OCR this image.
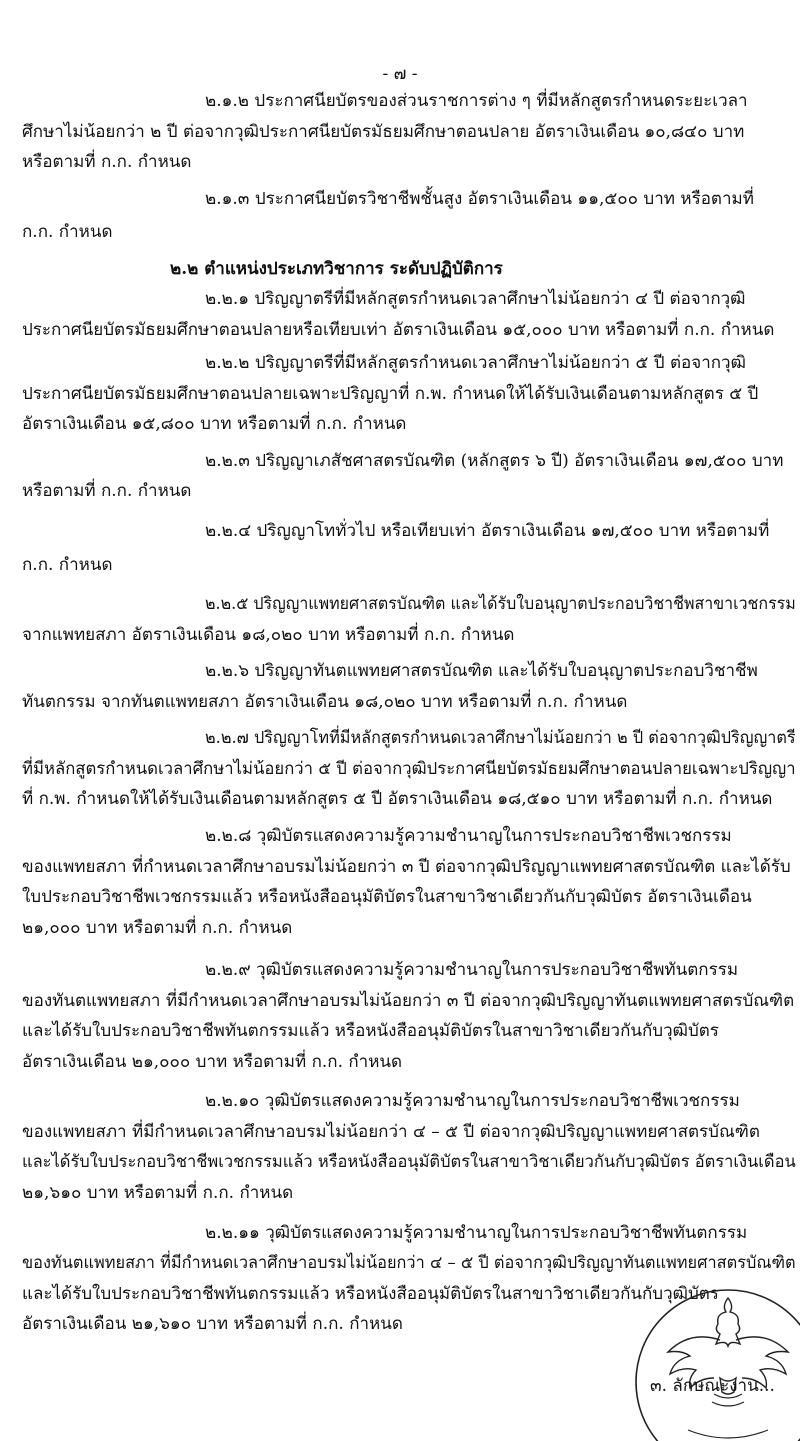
- ๗ -
๒.๑.๒ ประกาศนียบัตรของส่วนราชการต่าง ๆ ที่มีหลักสูตรกำหนดระยะเวลา
ศึกษาไม่น้อยกว่า ๒ ปี ต่อจากวุฒิประกาศนียบัตรมัธยมศึกษาตอนปลาย อัตราเงินเดือน ๑๐,๘๔๐ บาท
หรือตามที่ ก.ก. กำหนด
๒.๑.๓ ประกาศนียบัตรวิชาชีพชั้นสูง อัตราเงินเดือน ๑๑,๕๐๐ บาท หรือตามที่
ก.ก. กำหนด
๒.๒ ตำแหน่งประเภทวิชาการ ระดับปฏิบัติการ
๒.๒.๑ ปริญญาตรีที่มีหลักสูตรกำหนดเวลาศึกษาไม่น้อยกว่า ๔ ปี ต่อจากวุฒิ
ประกาศนียบัตรมัธยมศึกษาตอนปลายหรือเทียบเท่า อัตราเงินเดือน ๑๕,๐๐๐ บาท หรือตามที่ ก.ก. กำหนด
๒.๒.๒ ปริญญาตรีที่มีหลักสูตรกำหนดเวลาศึกษาไม่น้อยกว่า ๕ ปี ต่อจากวุฒิ
ประกาศนียบัตรมัธยมศึกษาตอนปลายเฉพาะปริญญาที่ ก.พ. กำหนดให้ได้รับเงินเดือนตามหลักสูตร ๕ ปี
อัตราเงินเดือน ๑๕,๘๐๐ บาท หรือตามที่ ก.ก. กำหนด
๒.๒.๓ ปริญญาเภสัชศาสตรบัณฑิต (หลักสูตร ๖ ปี) อัตราเงินเดือน ๑๗,๕๐๐ บาท
หรือตามที่ ก.ก. กำหนด
๒.๒.๔ ปริญญาโททั่วไป หรือเทียบเท่า อัตราเงินเดือน ๑๗,๕๐๐ บาท หรือตามที่
ก.ก. กำหนด
๒.๒.๕ ปริญญาแพทยศาสตรบัณฑิต และได้รับใบอนุญาตประกอบวิชาชีพสาขาเวชกรรม
จากแพทยสภา อัตราเงินเดือน ๑๘,๐๒๐ บาท หรือตามที่ ก.ก. กำหนด
๒.๒.๖ ปริญญาทันตแพทยศาสตรบัณฑิต และได้รับใบอนุญาตประกอบวิชาชีพ
ทันตกรรม จากทันตแพทยสภา อัตราเงินเดือน ๑๘,๐๒๐ บาท หรือตามที่ ก.ก. กำหนด
๒.๒.๗ ปริญญาโทที่มีหลักสูตรกำหนดเวลาศึกษาไม่น้อยกว่า ๒ ปี ต่อจากวุฒิปริญญาตรี
ที่มีหลักสูตรกำหนดเวลาศึกษาไม่น้อยกว่า ๕ ปี ต่อจากวุฒิประกาศนียบัตรมัธยมศึกษาตอนปลายเฉพาะปริญญา
ที่ ก.พ. กำหนดให้ได้รับเงินเดือนตามหลักสูตร ๕ ปี อัตราเงินเดือน ๑๘,๕๑๐ บาท หรือตามที่ ก.ก. กำหนด
๒.๒.๘ วุฒิบัตรแสดงความรู้ความชำนาญในการประกอบวิชาชีพเวชกรรม
ของแพทยสภา ที่กำหนดเวลาศึกษาอบรมไม่น้อยกว่า ๓ ปี ต่อจากวุฒิปริญญาแพทยศาสตรบัณฑิต และได้รับ
ใบประกอบวิชาชีพเวชกรรมแล้ว หรือหนังสืออนุมัติบัตรในสาขาวิชาเดียวกันกับวุฒิบัตร อัตราเงินเดือน
๒๑,๐๐๐ บาท หรือตามที่ ก.ก. กำหนด
๒.๒.๙ วุฒิบัตรแสดงความรู้ความชำนาญในการประกอบวิชาชีพทันตกรรม
ของทันตแพทยสภา ที่มีกำหนดเวลาศึกษาอบรมไม่น้อยกว่า ๓ ปี ต่อจากวุฒิปริญญาทันตแพทยศาสตรบัณฑิต
และได้รับใบประกอบวิชาชีพทันตกรรมแล้ว หรือหนังสืออนุมัติบัตรในสาขาวิชาเดียวกันกับวุฒิบัตร
อัตราเงินเดือน ๒๑,๐๐๐ บาท หรือตามที่ ก.ก. กำหนด
๒.๒.๑๐ วุฒิบัตรแสดงความรู้ความชำนาญในการประกอบวิชาชีพเวชกรรม
ของแพทยสภา ที่มีกำหนดเวลาศึกษาอบรมไม่น้อยกว่า ๔ – ๕ ปี ต่อจากวุฒิปริญญาแพทยศาสตรบัณฑิต
และได้รับใบประกอบวิชาชีพเวชกรรมแล้ว หรือหนังสืออนุมัติบัตรในสาขาวิชาเดียวกันกับวุฒิบัตร อัตราเงินเดือน
๒๑,๖๑๐ บาท หรือตามที่ ก.ก. กำหนด
๒.๒.๑๑ วุฒิบัตรแสดงความรู้ความชำนาญในการประกอบวิชาชีพทันตกรรม
ของทันตแพทยสภา ที่มีกำหนดเวลาศึกษาอบรมไม่น้อยกว่า ๔ – ๕ ปี ต่อจากวุฒิปริญญาทันตแพทยศาสตรบัณฑิต
และได้รับใบประกอบวิชาชีพทันตกรรมแล้ว หรือหนังสืออนุมัติบัตรในสาขาวิชาเดียวกันกับวุฒิบัตร
อัตราเงินเดือน ๒๑,๖๑๐ บาท หรือตามที่ ก.ก. กำหนด
๓. ลักษณะงาน...
